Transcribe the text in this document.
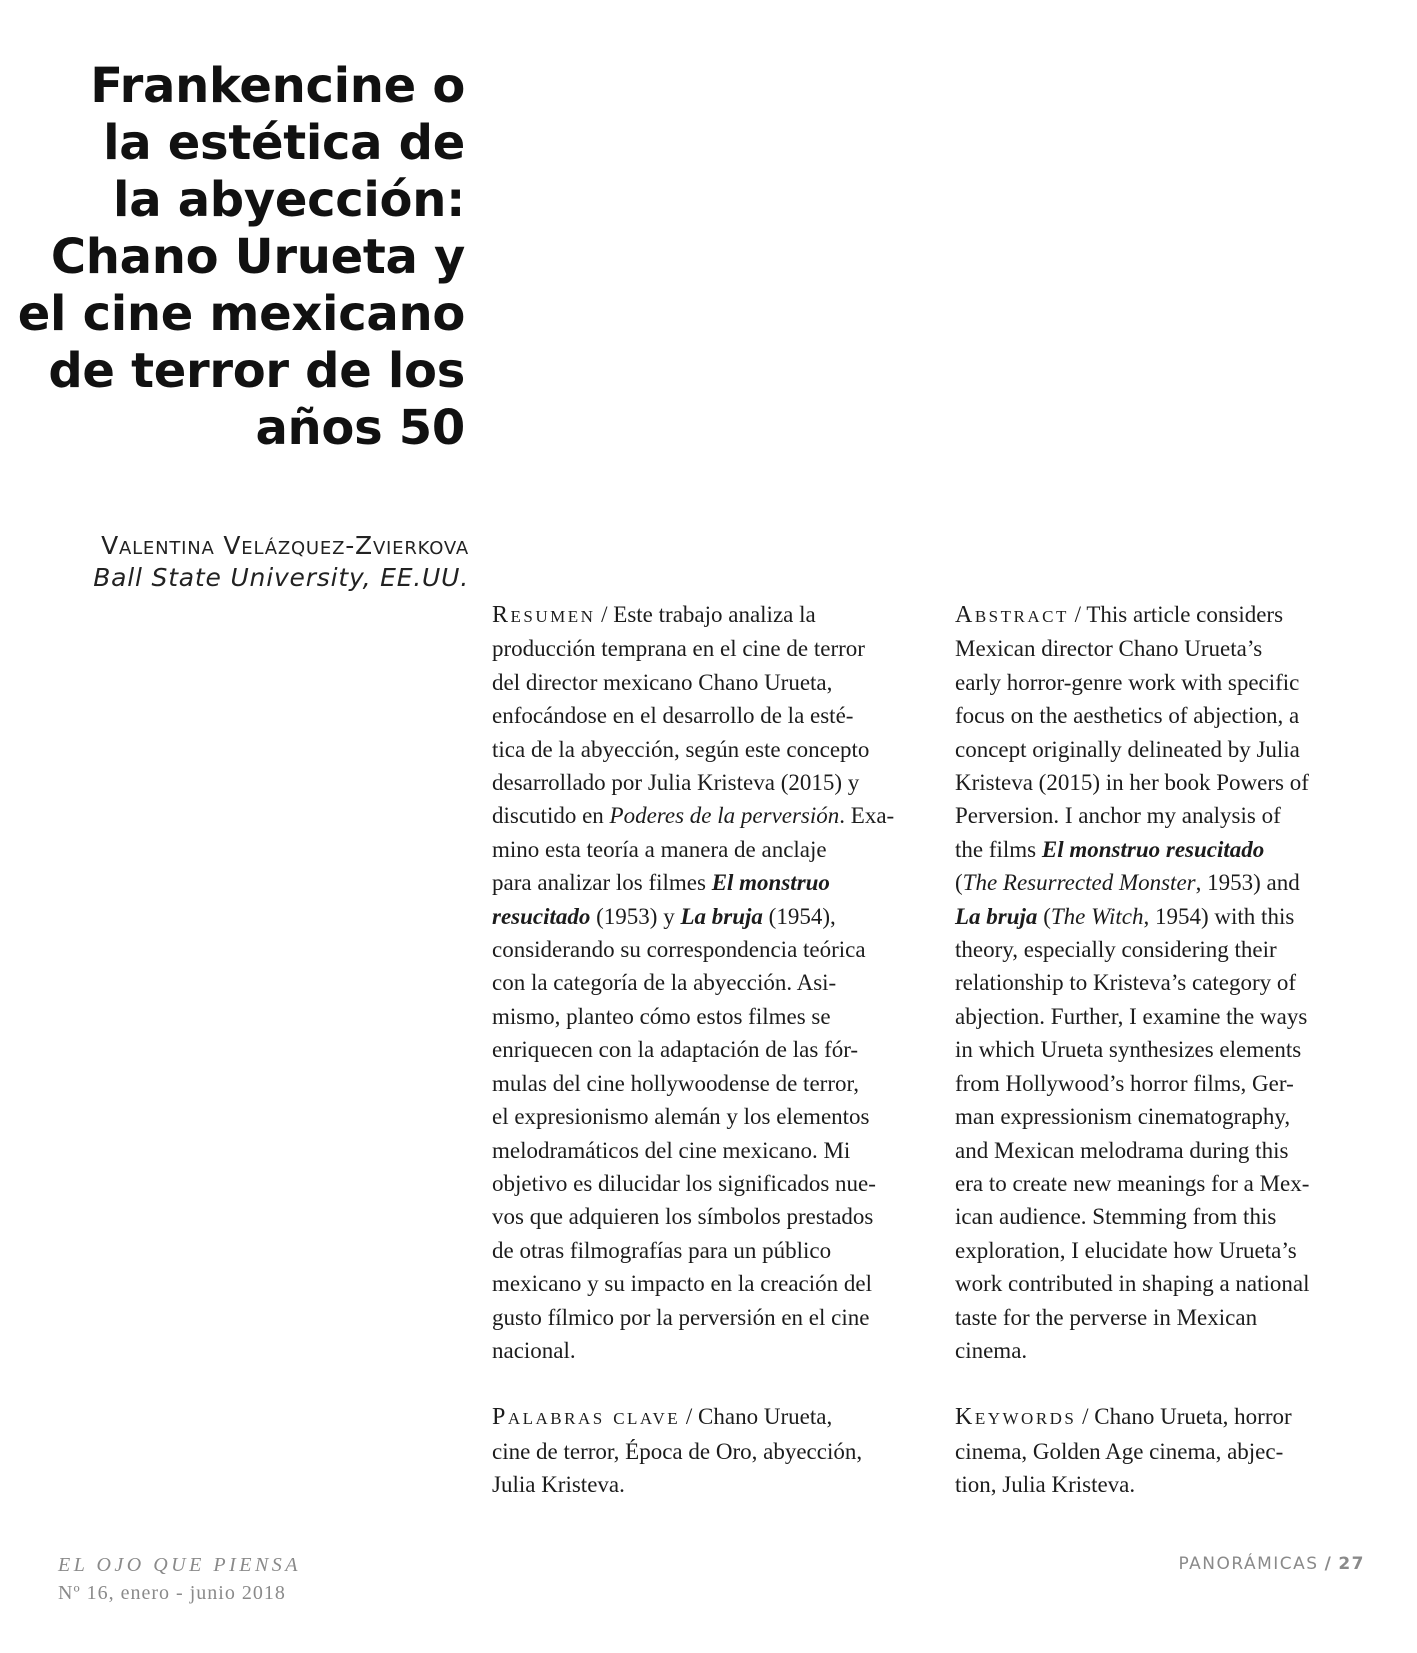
Frankencine o
la estética de
la abyección:
Chano Urueta y
el cine mexicano
de terror de los
años 50
Valentina Velázquez-Zvierkova
Ball State University, EE.UU.
Resumen / Este trabajo analiza la
producción temprana en el cine de terror
del director mexicano Chano Urueta,
enfocándose en el desarrollo de la esté-
tica de la abyección, según este concepto
desarrollado por Julia Kristeva (2015) y
discutido en Poderes de la perversión. Exa-
mino esta teoría a manera de anclaje
para analizar los filmes El monstruo
resucitado (1953) y La bruja (1954),
considerando su correspondencia teórica
con la categoría de la abyección. Asi-
mismo, planteo cómo estos filmes se
enriquecen con la adaptación de las fór-
mulas del cine hollywoodense de terror,
el expresionismo alemán y los elementos
melodramáticos del cine mexicano. Mi
objetivo es dilucidar los significados nue-
vos que adquieren los símbolos prestados
de otras filmografías para un público
mexicano y su impacto en la creación del
gusto fílmico por la perversión en el cine
nacional.
Palabras clave / Chano Urueta,
cine de terror, Época de Oro, abyección,
Julia Kristeva.
Abstract / This article considers
Mexican director Chano Urueta’s
early horror-genre work with specific
focus on the aesthetics of abjection, a
concept originally delineated by Julia
Kristeva (2015) in her book Powers of
Perversion. I anchor my analysis of
the films El monstruo resucitado
(The Resurrected Monster, 1953) and
La bruja (The Witch, 1954) with this
theory, especially considering their
relationship to Kristeva’s category of
abjection. Further, I examine the ways
in which Urueta synthesizes elements
from Hollywood’s horror films, Ger-
man expressionism cinematography,
and Mexican melodrama during this
era to create new meanings for a Mex-
ican audience. Stemming from this
exploration, I elucidate how Urueta’s
work contributed in shaping a national
taste for the perverse in Mexican
cinema.
Keywords / Chano Urueta, horror
cinema, Golden Age cinema, abjec-
tion, Julia Kristeva.
EL OJO QUE PIENSA
Nº 16, enero - junio 2018
PANORÁMICAS / 27
